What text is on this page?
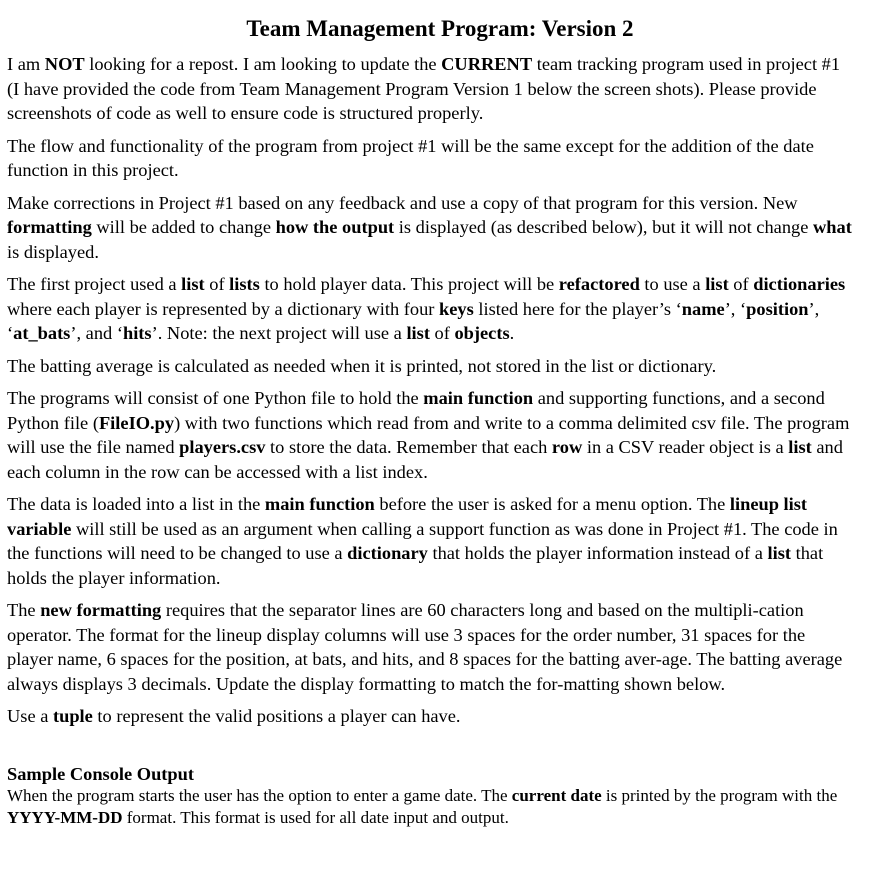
Team Management Program: Version 2

I am NOT looking for a repost. I am looking to update the CURRENT team tracking program used in project #1 (I have provided the code from Team Management Program Version 1 below the screen shots). Please provide screenshots of code as well to ensure code is structured properly.

The flow and functionality of the program from project #1 will be the same except for the addition of the date function in this project.

Make corrections in Project #1 based on any feedback and use a copy of that program for this version. New formatting will be added to change how the output is displayed (as described below), but it will not change what is displayed.

The first project used a list of lists to hold player data. This project will be refactored to use a list of dictionaries where each player is represented by a dictionary with four keys listed here for the player’s ‘name’, ‘position’, ‘at_bats’, and ‘hits’. Note: the next project will use a list of objects.

The batting average is calculated as needed when it is printed, not stored in the list or dictionary.

The programs will consist of one Python file to hold the main function and supporting functions, and a second Python file (FileIO.py) with two functions which read from and write to a comma delimited csv file. The program will use the file named players.csv to store the data. Remember that each row in a CSV reader object is a list and each column in the row can be accessed with a list index.

The data is loaded into a list in the main function before the user is asked for a menu option. The lineup list variable will still be used as an argument when calling a support function as was done in Project #1. The code in the functions will need to be changed to use a dictionary that holds the player information instead of a list that holds the player information.

The new formatting requires that the separator lines are 60 characters long and based on the multipli-cation operator. The format for the lineup display columns will use 3 spaces for the order number, 31 spaces for the player name, 6 spaces for the position, at bats, and hits, and 8 spaces for the batting aver-age. The batting average always displays 3 decimals. Update the display formatting to match the for-matting shown below.

Use a tuple to represent the valid positions a player can have.

Sample Console Output

When the program starts the user has the option to enter a game date. The current date is printed by the program with the YYYY-MM-DD format. This format is used for all date input and output.
